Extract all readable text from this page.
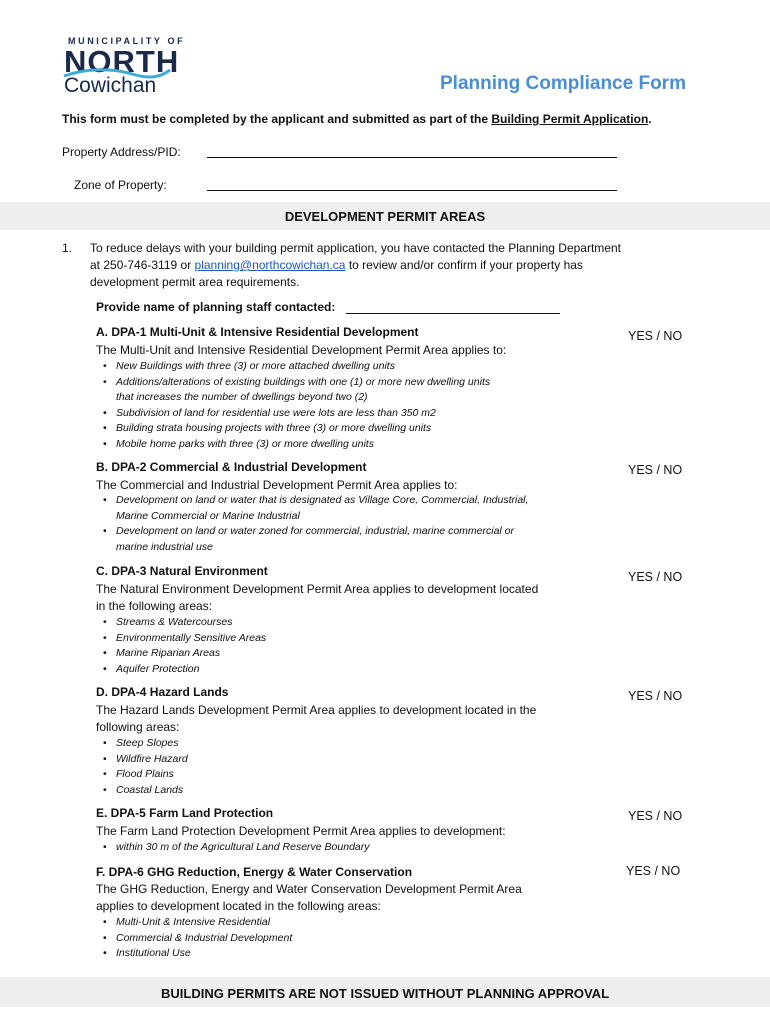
MUNICIPALITY OF
NORTH
Cowichan	Planning Compliance Form
This form must be completed by the applicant and submitted as part of the Building Permit Application.
Property Address/PID:
Zone of Property:
DEVELOPMENT PERMIT AREAS
1. To reduce delays with your building permit application, you have contacted the Planning Department
at 250-746-3119 or planning@northcowichan.ca to review and/or confirm if your property has
development permit area requirements.
Provide name of planning staff contacted:
A. DPA-1 Multi-Unit & Intensive Residential Development	YES / NO
The Multi-Unit and Intensive Residential Development Permit Area applies to:
• New Buildings with three (3) or more attached dwelling units
• Additions/alterations of existing buildings with one (1) or more new dwelling units
that increases the number of dwellings beyond two (2)
• Subdivision of land for residential use were lots are less than 350 m2
• Building strata housing projects with three (3) or more dwelling units
• Mobile home parks with three (3) or more dwelling units
B. DPA-2 Commercial & Industrial Development	YES / NO
The Commercial and Industrial Development Permit Area applies to:
• Development on land or water that is designated as Village Core, Commercial, Industrial,
Marine Commercial or Marine Industrial
• Development on land or water zoned for commercial, industrial, marine commercial or
marine industrial use
C. DPA-3 Natural Environment	YES / NO
The Natural Environment Development Permit Area applies to development located
in the following areas:
• Streams & Watercourses
• Environmentally Sensitive Areas
• Marine Riparian Areas
• Aquifer Protection
D. DPA-4 Hazard Lands	YES / NO
The Hazard Lands Development Permit Area applies to development located in the
following areas:
• Steep Slopes
• Wildfire Hazard
• Flood Plains
• Coastal Lands
E. DPA-5 Farm Land Protection	YES / NO
The Farm Land Protection Development Permit Area applies to development:
• within 30 m of the Agricultural Land Reserve Boundary
F. DPA-6 GHG Reduction, Energy & Water Conservation	YES / NO
The GHG Reduction, Energy and Water Conservation Development Permit Area
applies to development located in the following areas:
• Multi-Unit & Intensive Residential
• Commercial & Industrial Development
• Institutional Use
BUILDING PERMITS ARE NOT ISSUED WITHOUT PLANNING APPROVAL
